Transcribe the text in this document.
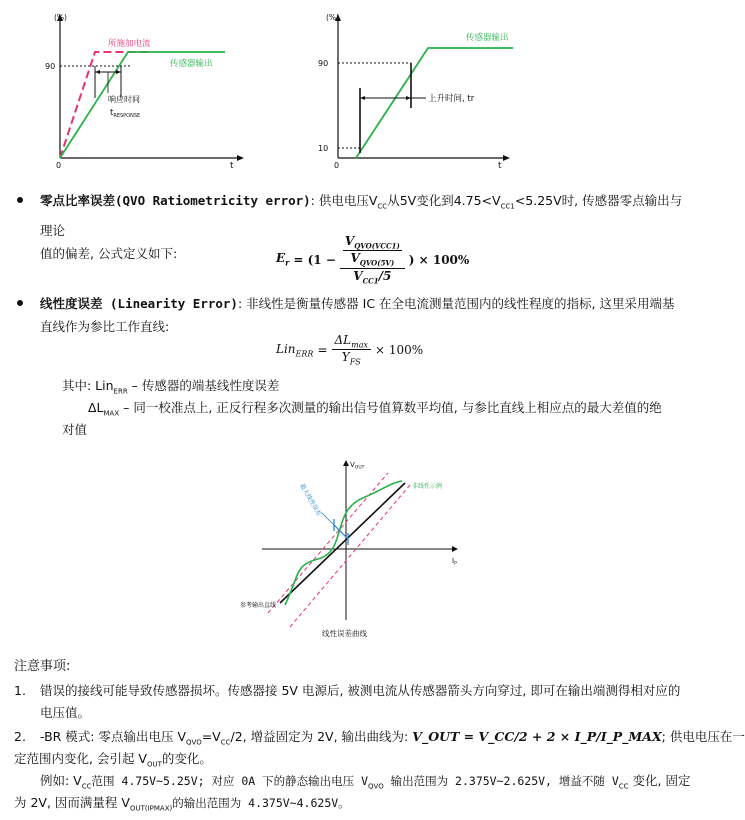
(%)
90
0	t
所施加电流
传感器输出
响应时间
$t_{RESPONSE}$
(%)
90
10
0	t
传感器输出
上升时间, tr
零点比率误差(QVO Ratiometricity error): 供电电压$V_{CC}$从5V变化到$4.75<V_{CC1}<5.25V$时, 传感器零点输出与理论
值的偏差, 公式定义如下:	$E_r = (1 - V_{QVO(VCC1)}$
$V_{QVO(5V)}$
$V_{CC1}/5$ ) × 100%
线性度误差 (Linearity Error): 非线性是衡量传感器 IC 在全电流测量范围内的线性程度的指标, 这里采用端基
直线作为参比工作直线:
$Lin_{ERR} = \frac{\Delta L_{max}}{Y_{FS}} \times 100\%$
其中: Lin$_{ERR}$ – 传感器的端基线性度误差
$\Delta L_{MAX}$ – 同一校准点上, 正反行程多次测量的输出信号值算数平均值, 与参比直线上相应点的最大差值的绝
对值
$V_{OUT}$
$I_P$
最大线性误差	非线性示例
参考输出直线
线性误差曲线
注意事项:
1. 错误的接线可能导致传感器损坏。传感器接 5V 电源后, 被测电流从传感器箭头方向穿过, 即可在输出端测得相对应的
电压值。
2. -BR 模式: 零点输出电压 $V_{QVO}=V_{CC}/2$, 增益固定为 2V, 输出曲线为: V_OUT = V_CC/2 + 2 × I_P/I_P_MAX; 供电电压在一
定范围内变化, 会引起 $V_{OUT}$的变化。
例如: $V_{CC}$范围 4.75V~5.25V; 对应 0A 下的静态输出电压 $V_{QVO}$ 输出范围为 2.375V~2.625V, 增益不随 $V_{CC}$ 变化, 固定
为 2V, 因而满量程 $V_{OUT(IPMAX)}$的输出范围为 4.375V~4.625V。
